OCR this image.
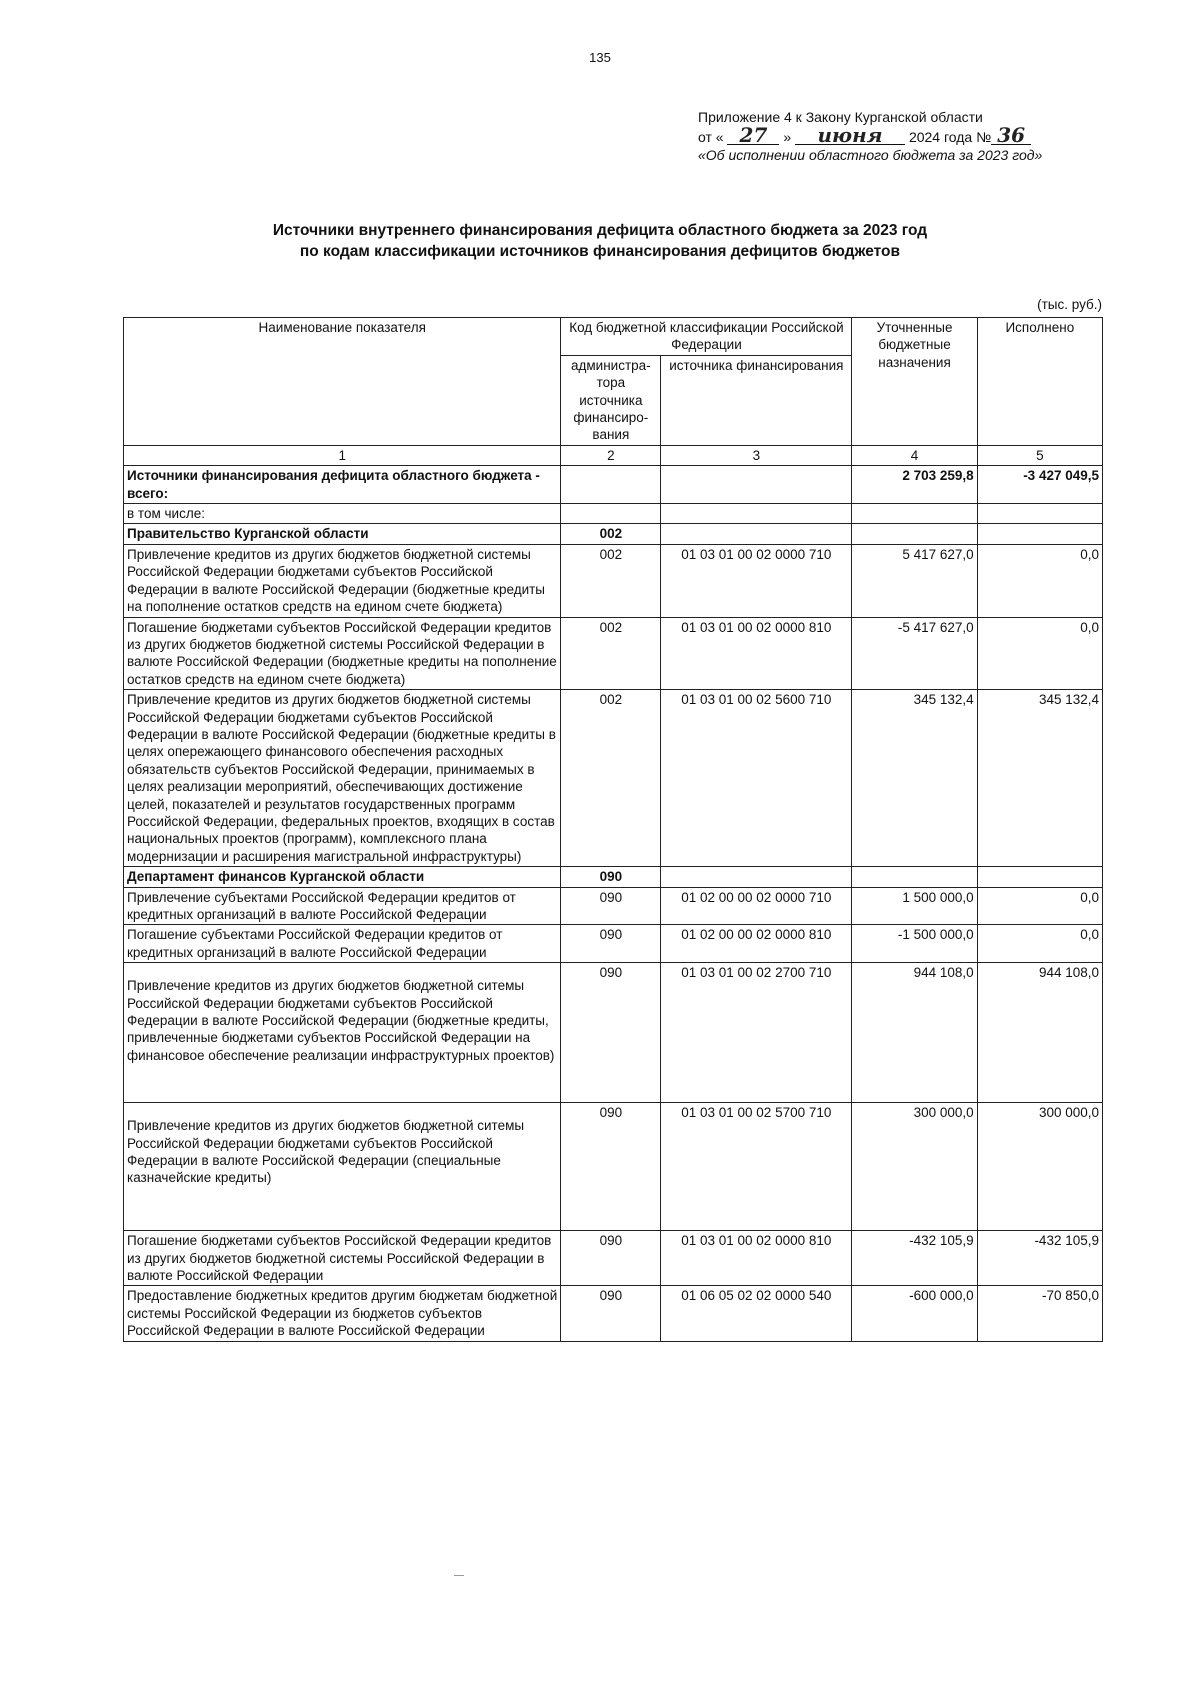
135
Приложение 4 к Закону Курганской области
от « 27 » июня 2024 года № 36
«Об исполнении областного бюджета за 2023 год»
Источники внутреннего финансирования дефицита областного бюджета за 2023 год
по кодам классификации источников финансирования дефицитов бюджетов
(тыс. руб.)
Наименование показателя	Код бюджетной классификации Российской Федерации		Уточненные бюджетные назначения	Исполнено
	администра-тора источника финансиро-вания	источника финансирования		
1	2	3	4	5
Источники финансирования дефицита областного бюджета - всего:			2 703 259,8	-3 427 049,5
в том числе:				
Правительство Курганской области	002			
Привлечение кредитов из других бюджетов бюджетной системы Российской Федерации бюджетами субъектов Российской Федерации в валюте Российской Федерации (бюджетные кредиты на пополнение остатков средств на едином счете бюджета)	002	01 03 01 00 02 0000 710	5 417 627,0	0,0
Погашение бюджетами субъектов Российской Федерации кредитов из других бюджетов бюджетной системы Российской Федерации в валюте Российской Федерации (бюджетные кредиты на пополнение остатков средств на едином счете бюджета)	002	01 03 01 00 02 0000 810	-5 417 627,0	0,0
Привлечение кредитов из других бюджетов бюджетной системы Российской Федерации бюджетами субъектов Российской Федерации в валюте Российской Федерации (бюджетные кредиты в целях опережающего финансового обеспечения расходных обязательств субъектов Российской Федерации, принимаемых в целях реализации мероприятий, обеспечивающих достижение целей, показателей и результатов государственных программ Российской Федерации, федеральных проектов, входящих в состав национальных проектов (программ), комплексного плана модернизации и расширения магистральной инфраструктуры)	002	01 03 01 00 02 5600 710	345 132,4	345 132,4
Департамент финансов Курганской области	090			
Привлечение субъектами Российской Федерации кредитов от кредитных организаций в валюте Российской Федерации	090	01 02 00 00 02 0000 710	1 500 000,0	0,0
Погашение субъектами Российской Федерации кредитов от кредитных организаций в валюте Российской Федерации	090	01 02 00 00 02 0000 810	-1 500 000,0	0,0
Привлечение кредитов из других бюджетов бюджетной ситемы Российской Федерации бюджетами субъектов Российской Федерации в валюте Российской Федерации (бюджетные кредиты, привлеченные бюджетами субъектов Российской Федерации на финансовое обеспечение реализации инфраструктурных проектов)	090	01 03 01 00 02 2700 710	944 108,0	944 108,0
Привлечение кредитов из других бюджетов бюджетной ситемы Российской Федерации бюджетами субъектов Российской Федерации в валюте Российской Федерации (специальные казначейские кредиты)	090	01 03 01 00 02 5700 710	300 000,0	300 000,0
Погашение бюджетами субъектов Российской Федерации кредитов из других бюджетов бюджетной системы Российской Федерации в валюте Российской Федерации	090	01 03 01 00 02 0000 810	-432 105,9	-432 105,9
Предоставление бюджетных кредитов другим бюджетам бюджетной системы Российской Федерации из бюджетов субъектов Российской Федерации в валюте Российской Федерации	090	01 06 05 02 02 0000 540	-600 000,0	-70 850,0
